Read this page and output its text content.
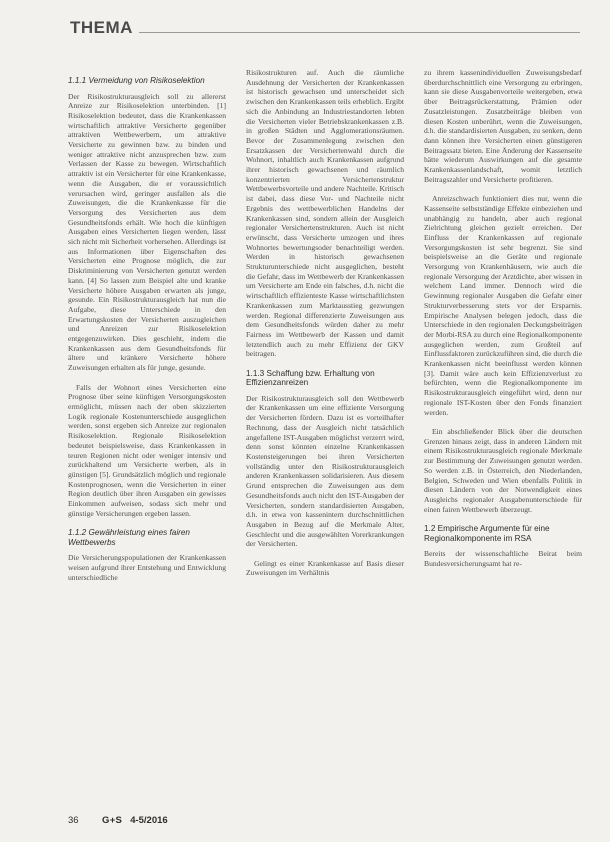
THEMA
1.1.1 Vermeidung von Risikoselektion

Der Risikostrukturausgleich soll zu allererst Anreize zur Risikoselektion unterbinden. [1] Risikoselektion bedeutet, dass die Krankenkassen wirtschaftlich attraktive Versicherte gegenüber attraktiven Wettbewerbern, um attraktive Versicherte zu gewinnen bzw. zu binden und weniger attraktive nicht anzusprechen bzw. zum Verlassen der Kasse zu bewegen. Wirtschaftlich attraktiv ist ein Versicherter für eine Krankenkasse, wenn die Ausgaben, die er voraussichtlich verursachen wird, geringer ausfallen als die Zuweisungen, die die Krankenkasse für die Versorgung des Versicherten aus dem Gesundheitsfonds erhält. Wie hoch die künftigen Ausgaben eines Versicherten liegen werden, lässt sich nicht mit Sicherheit vorhersehen. Allerdings ist aus Informationen über Eigenschaften des Versicherten eine Prognose möglich, die zur Diskriminierung von Versicherten genutzt werden kann. [4] So lassen zum Beispiel alte und kranke Versicherte höhere Ausgaben erwarten als junge, gesunde. Ein Risikostrukturausgleich hat nun die Aufgabe, diese Unterschiede in den Erwartungskosten der Versicherten auszugleichen und Anreizen zur Risikoselektion entgegenzuwirken. Dies geschieht, indem die Krankenkassen aus dem Gesundheitsfonds für ältere und kränkere Versicherte höhere Zuweisungen erhalten als für junge, gesunde.

Falls der Wohnort eines Versicherten eine Prognose über seine künftigen Versorgungskosten ermöglicht, müssen nach der oben skizzierten Logik regionale Kostenunterschiede ausgeglichen werden, sonst ergeben sich Anreize zur regionalen Risikoselektion. Regionale Risikoselektion bedeutet beispielsweise, dass Krankenkassen in teuren Regionen nicht oder weniger intensiv und zurückhaltend um Versicherte werben, als in günstigen [5]. Grundsätzlich möglich und regionale Kostenprognosen, wenn die Versicherten in einer Region deutlich über ihren Ausgaben ein gewisses Einkommen aufweisen, sodass sich mehr und günstige Versicherungen ergeben lassen.

1.1.2 Gewährleistung eines fairen Wettbewerbs

Die Versicherungspopulationen der Krankenkassen weisen aufgrund ihrer Entstehung und Entwicklung unterschiedliche

Risikostrukturen auf. Auch die räumliche Ausdehnung der Versicherten der Krankenkassen ist historisch gewachsen und unterscheidet sich zwischen den Krankenkassen teils erheblich. Ergibt sich die Anbindung an Industriestandorten lebten die Versicherten vieler Betriebskrankenkassen z.B. in großen Städten und Agglomerationsräumen. Bevor der Zusammenlegung zwischen den Ersatzkassen der Versichertenwahl durch die Wohnort, inhaltlich auch Krankenkassen aufgrund ihrer historisch gewachsenen und räumlich konzentrierten Versichertenstruktur Wettbewerbsvorteile und andere Nachteile. Kritisch ist dabei, dass diese Vor- und Nachteile nicht Ergebnis des wettbewerblichen Handelns der Krankenkassen sind, sondern allein der Ausgleich regionaler Versichertenstrukturen. Auch ist nicht erwünscht, dass Versicherte umzogen und ihres Wohnortes bewertungsoder benachteiligt werden. Werden in historisch gewachsenen Strukturunterschiede nicht ausgeglichen, besteht die Gefahr, dass im Wettbewerb der Krankenkassen um Versicherte am Ende ein falsches, d.h. nicht die wirtschaftlich effizienteste Kasse wirtschaftlichsten Krankenkassen zum Marktausstieg gezwungen werden. Regional differenzierte Zuweisungen aus dem Gesundheitsfonds würden daher zu mehr Fairness im Wettbewerb der Kassen und damit letztendlich auch zu mehr Effizienz der GKV beitragen.

1.1.3 Schaffung bzw. Erhaltung von Effizienzanreizen

Der Risikostrukturausgleich soll den Wettbewerb der Krankenkassen um eine effiziente Versorgung der Versicherten fördern. Dazu ist es vorteilhafter Rechnung, dass der Ausgleich nicht tatsächlich angefallene IST-Ausgaben möglichst verzerrt wird, denn sonst könnten einzelne Krankenkassen Kostensteigerungen bei ihren Versicherten vollständig unter den Risikostrukturausgleich anderen Krankenkassen solidarisieren. Aus diesem Grund entsprechen die Zuweisungen aus dem Gesundheitsfonds auch nicht den IST-Ausgaben der Versicherten, sondern standardisierten Ausgaben, d.h. in etwa von kassenintern durchschnittlichen Ausgaben in Bezug auf die Merkmale Alter, Geschlecht und die ausgewählten Vorerkrankungen der Versicherten.

Gelingt es einer Krankenkasse auf Basis dieser Zuweisungen im Verhältnis

zu ihrem kassenindividuellen Zuweisungsbedarf überdurchschnittlich eine Versorgung zu erbringen, kann sie diese Ausgabenvorteile weitergeben, etwa über Beitragsrückerstattung, Prämien oder Zusatzleistungen. Zusatzbeiträge bleiben von diesen Kosten unberührt, wenn die Zuweisungen, d.h. die standardisierten Ausgaben, zu senken, denn dann können ihre Versicherten einen günstigeren Beitragssatz bieten. Eine Änderung der Kassenseite hätte wiederum Auswirkungen auf die gesamte Krankenkassenlandschaft, womit letztlich Beitragszahler und Versicherte profitieren.

Anreizschwach funktioniert dies nur, wenn die Kassenseite selbstständige Effekte einbeziehen und unabhängig zu handeln, aber auch regional Zielrichtung gleichen gezielt erreichen. Der Einfluss der Krankenkassen auf regionale Versorgungskosten ist sehr begrenzt. Sie sind beispielsweise an die Geräte und regionale Versorgung von Krankenhäusern, wie auch die regionale Versorgung der Arztdichte, aber wissen in welchem Land immer. Dennoch wird die Gewinnung regionaler Ausgaben die Gefahr einer Strukturverbesserung stets vor der Ersparnis. Empirische Analysen belegen jedoch, dass die Unterschiede in den regionalen Deckungsbeiträgen der Morbi-RSA zu durch eine Regionalkomponente ausgeglichen werden, zum Großteil auf Einflussfaktoren zurückzuführen sind, die durch die Krankenkassen nicht beeinflusst werden können [3]. Damit wäre auch kein Effizienzverlust zu befürchten, wenn die Regionalkomponente im Risikostrukturausgleich eingeführt wird, denn nur regionale IST-Kosten über den Fonds finanziert werden.

Ein abschließender Blick über die deutschen Grenzen hinaus zeigt, dass in anderen Ländern mit einem Risikostrukturausgleich regionale Merkmale zur Bestimmung der Zuweisungen genutzt werden. So werden z.B. in Österreich, den Niederlanden, Belgien, Schweden und Wien ebenfalls Politik in diesen Ländern von der Notwendigkeit eines Ausgleichs regionaler Ausgabenunterschiede für einen fairen Wettbewerb überzeugt.

1.2 Empirische Argumente für eine Regionalkomponente im RSA

Bereits der wissenschaftliche Beirat beim Bundesversicherungsamt hat re-

36	G+S 4-5/2016
